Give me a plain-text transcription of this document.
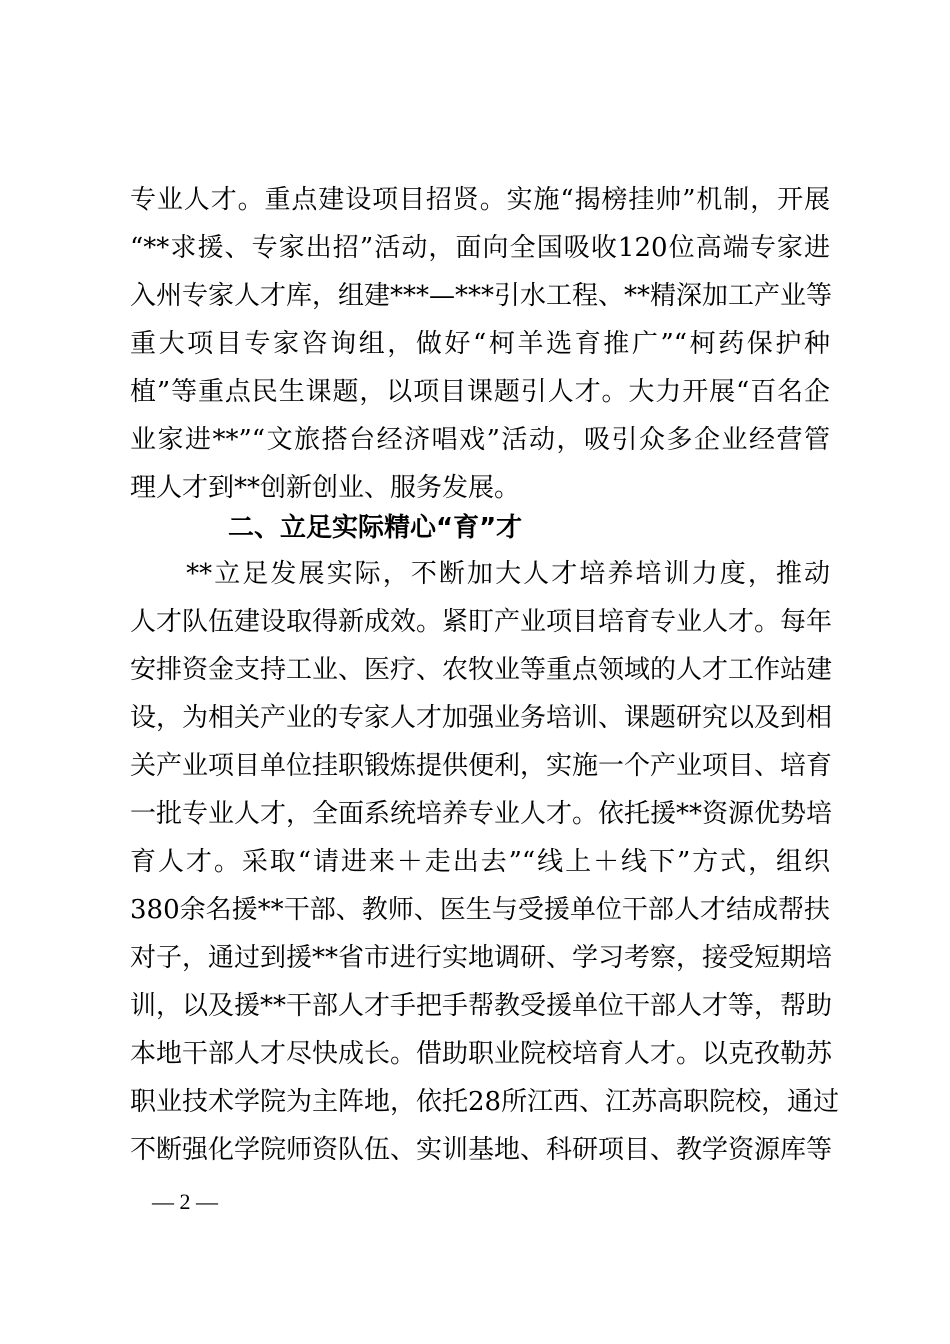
专业人才。重点建设项目招贤。实施“揭榜挂帅”机制，开展
“**求援、专家出招”活动，面向全国吸收120位高端专家进
入州专家人才库，组建***—***引水工程、**精深加工产业等
重大项目专家咨询组，做好“柯羊选育推广”“柯药保护种
植”等重点民生课题，以项目课题引人才。大力开展“百名企
业家进**”“文旅搭台经济唱戏”活动，吸引众多企业经营管
理人才到**创新创业、服务发展。
二、立足实际精心“育”才
　　**立足发展实际，不断加大人才培养培训力度，推动
人才队伍建设取得新成效。紧盯产业项目培育专业人才。每年
安排资金支持工业、医疗、农牧业等重点领域的人才工作站建
设，为相关产业的专家人才加强业务培训、课题研究以及到相
关产业项目单位挂职锻炼提供便利，实施一个产业项目、培育
一批专业人才，全面系统培养专业人才。依托援**资源优势培
育人才。采取“请进来＋走出去”“线上＋线下”方式，组织
380余名援**干部、教师、医生与受援单位干部人才结成帮扶
对子，通过到援**省市进行实地调研、学习考察，接受短期培
训，以及援**干部人才手把手帮教受援单位干部人才等，帮助
本地干部人才尽快成长。借助职业院校培育人才。以克孜勒苏
职业技术学院为主阵地，依托28所江西、江苏高职院校，通过
不断强化学院师资队伍、实训基地、科研项目、教学资源库等
— 2 —
